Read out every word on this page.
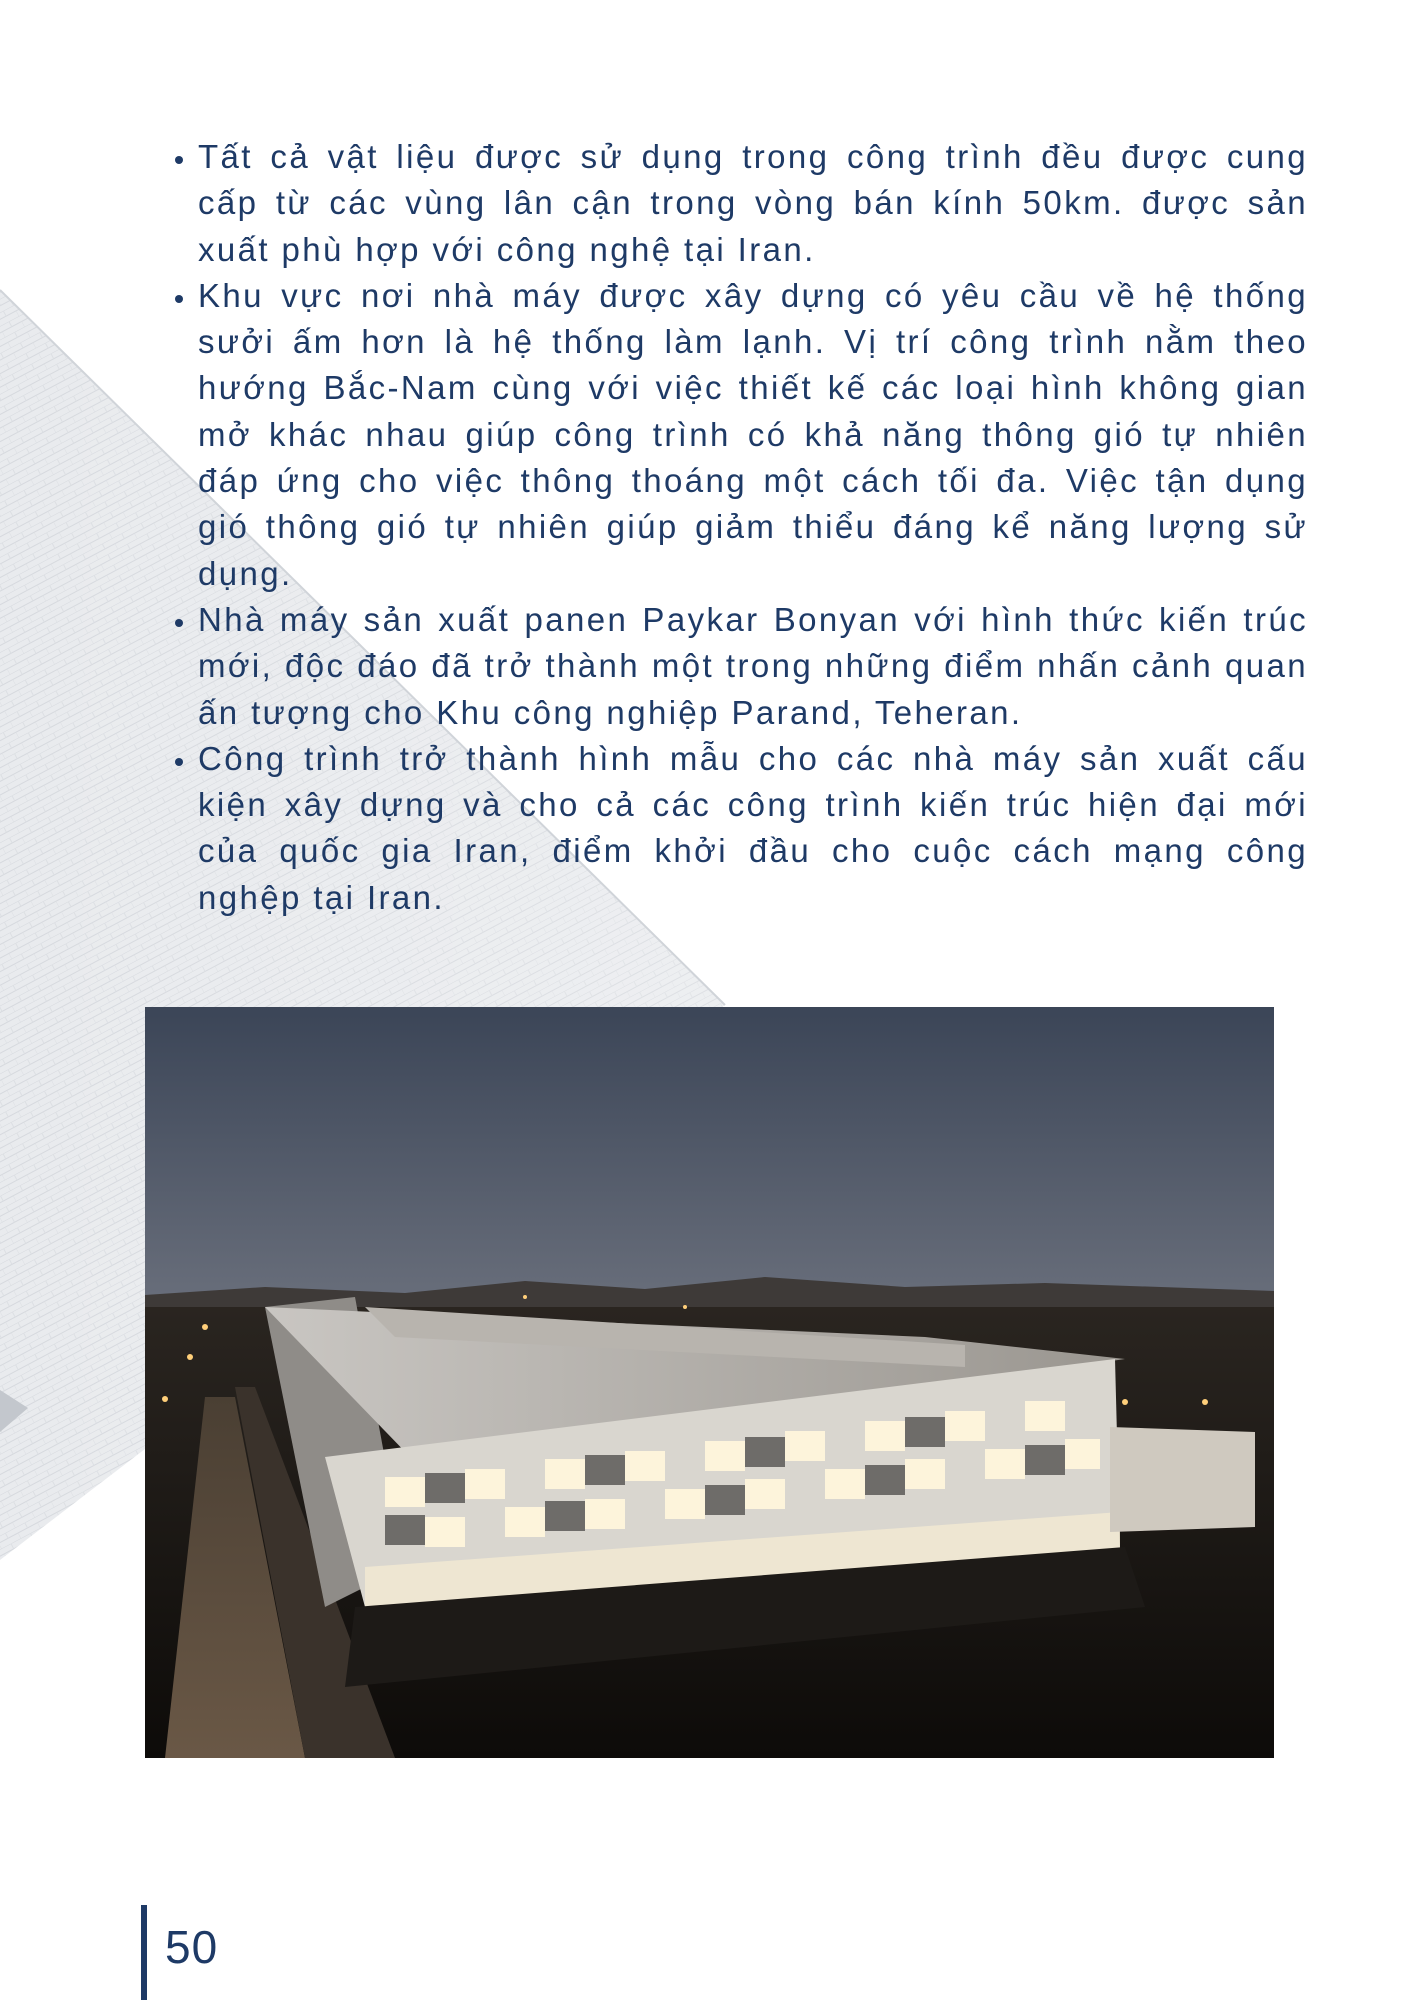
• Tất cả vật liệu được sử dụng trong công trình đều được cung cấp từ các vùng lân cận trong vòng bán kính 50km. được sản xuất phù hợp với công nghệ tại Iran.
• Khu vực nơi nhà máy được xây dựng có yêu cầu về hệ thống sưởi ấm hơn là hệ thống làm lạnh. Vị trí công trình nằm theo hướng Bắc-Nam cùng với việc thiết kế các loại hình không gian mở khác nhau giúp công trình có khả năng thông gió tự nhiên đáp ứng cho việc thông thoáng một cách tối đa. Việc tận dụng gió thông gió tự nhiên giúp giảm thiểu đáng kể năng lượng sử dụng.
• Nhà máy sản xuất panen Paykar Bonyan với hình thức kiến trúc mới, độc đáo đã trở thành một trong những điểm nhấn cảnh quan ấn tượng cho Khu công nghiệp Parand, Teheran.
• Công trình trở thành hình mẫu cho các nhà máy sản xuất cấu kiện xây dựng và cho cả các công trình kiến trúc hiện đại mới của quốc gia Iran, điểm khởi đầu cho cuộc cách mạng công nghệp tại Iran.
50
